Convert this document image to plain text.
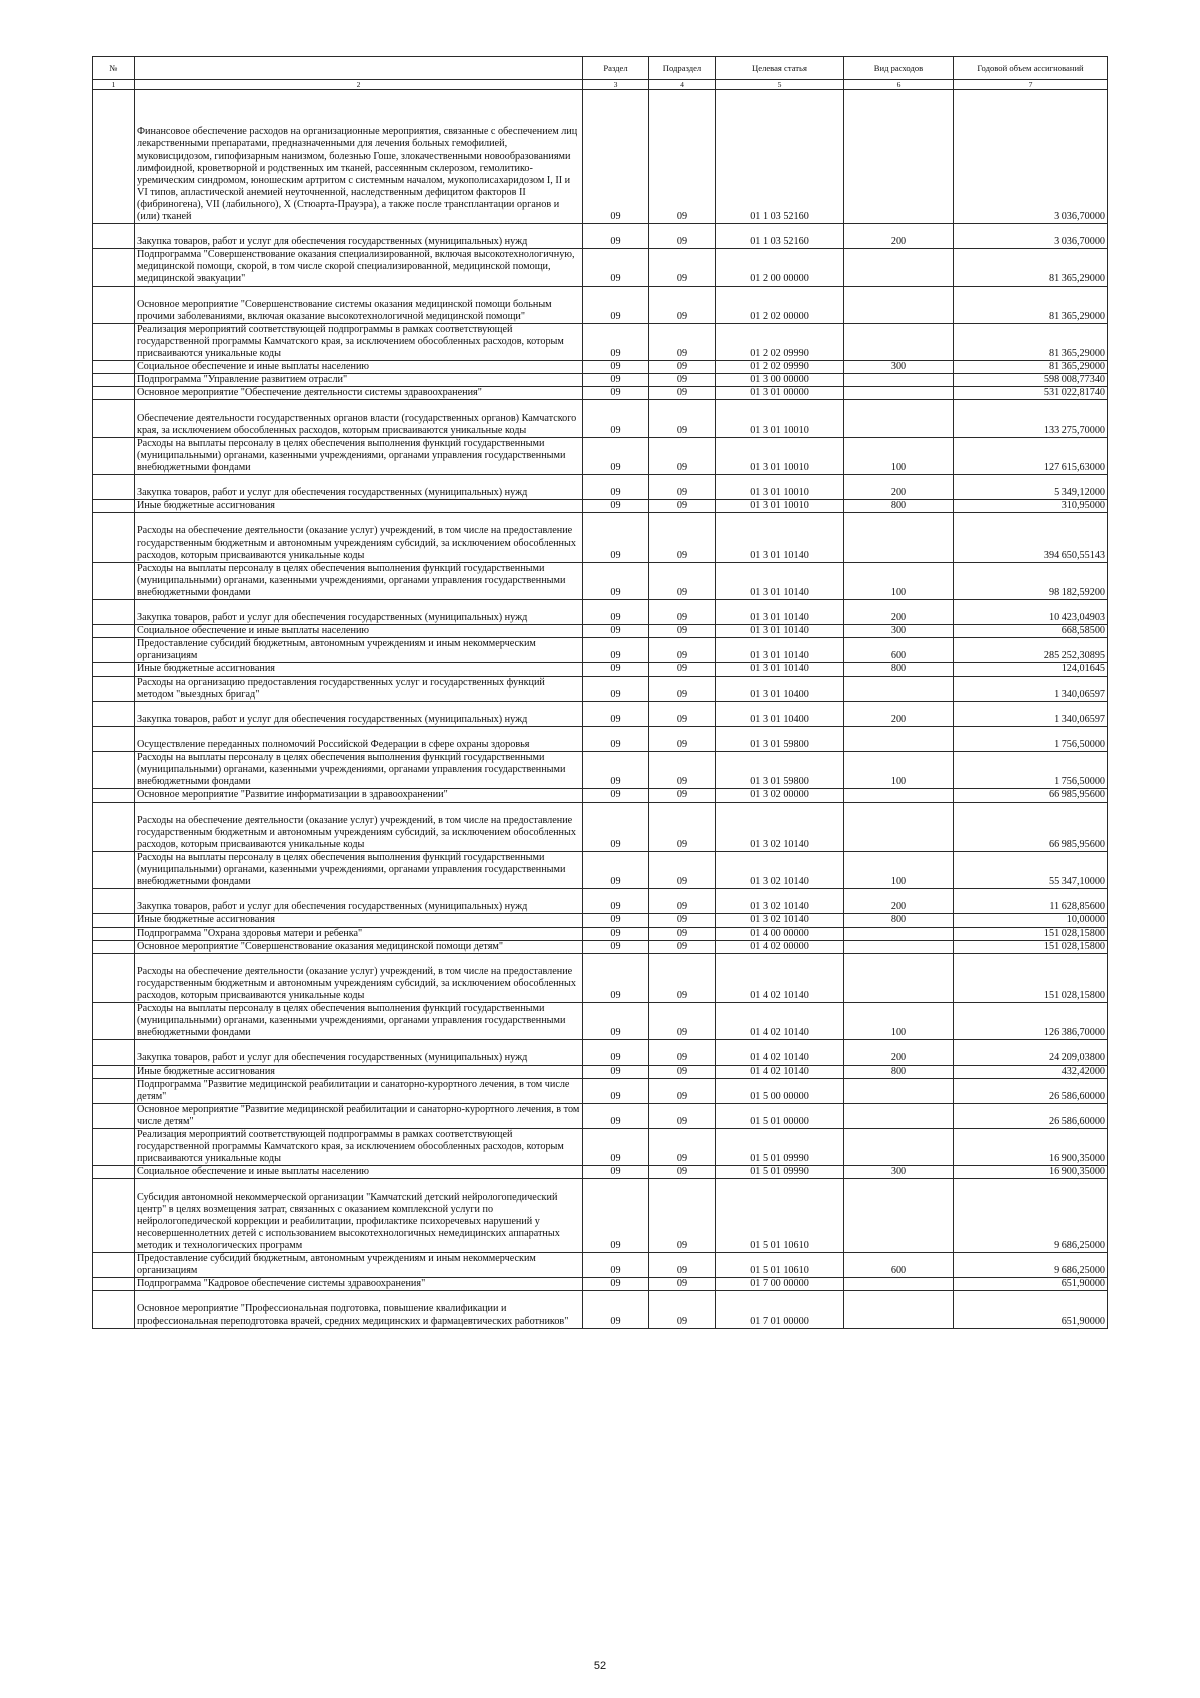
№		Раздел	Подраздел	Целевая статья	Вид расходов	Годовой объем ассигнований
1	2	3	4	5	6	7
	Финансовое обеспечение расходов на организационные мероприятия, связанные с обеспечением лиц лекарственными препаратами, предназначенными для лечения больных гемофилией, муковисцидозом, гипофизарным нанизмом, болезнью Гоше, злокачественными новообразованиями лимфоидной, кроветворной и родственных им тканей, рассеянным склерозом, гемолитико-уремическим синдромом, юношеским артритом с системным началом, мукополисахаридозом I, II и VI типов, апластической анемией неуточненной, наследственным дефицитом факторов II (фибриногена), VII (лабильного), X (Стюарта-Прауэра), а также после трансплантации органов и (или) тканей	09	09	01 1 03 52160		3 036,70000
	Закупка товаров, работ и услуг для обеспечения государственных (муниципальных) нужд	09	09	01 1 03 52160	200	3 036,70000
	Подпрограмма "Совершенствование оказания специализированной, включая высокотехнологичную, медицинской помощи, скорой, в том числе скорой специализированной, медицинской помощи, медицинской эвакуации"	09	09	01 2 00 00000		81 365,29000
	Основное мероприятие "Совершенствование системы оказания медицинской помощи больным прочими заболеваниями, включая оказание высокотехнологичной медицинской помощи"	09	09	01 2 02 00000		81 365,29000
	Реализация мероприятий соответствующей подпрограммы в рамках соответствующей государственной программы Камчатского края, за исключением обособленных расходов, которым присваиваются уникальные коды	09	09	01 2 02 09990		81 365,29000
	Социальное обеспечение и иные выплаты населению	09	09	01 2 02 09990	300	81 365,29000
	Подпрограмма "Управление развитием отрасли"	09	09	01 3 00 00000		598 008,77340
	Основное мероприятие "Обеспечение деятельности системы здравоохранения"	09	09	01 3 01 00000		531 022,81740
	Обеспечение деятельности государственных органов власти (государственных органов) Камчатского края, за исключением обособленных расходов, которым присваиваются уникальные коды	09	09	01 3 01 10010		133 275,70000
	Расходы на выплаты персоналу в целях обеспечения выполнения функций государственными (муниципальными) органами, казенными учреждениями, органами управления государственными внебюджетными фондами	09	09	01 3 01 10010	100	127 615,63000
	Закупка товаров, работ и услуг для обеспечения государственных (муниципальных) нужд	09	09	01 3 01 10010	200	5 349,12000
	Иные бюджетные ассигнования	09	09	01 3 01 10010	800	310,95000
	Расходы на обеспечение деятельности (оказание услуг) учреждений, в том числе на предоставление государственным бюджетным и автономным учреждениям субсидий, за исключением обособленных расходов, которым присваиваются уникальные коды	09	09	01 3 01 10140		394 650,55143
	Расходы на выплаты персоналу в целях обеспечения выполнения функций государственными (муниципальными) органами, казенными учреждениями, органами управления государственными внебюджетными фондами	09	09	01 3 01 10140	100	98 182,59200
	Закупка товаров, работ и услуг для обеспечения государственных (муниципальных) нужд	09	09	01 3 01 10140	200	10 423,04903
	Социальное обеспечение и иные выплаты населению	09	09	01 3 01 10140	300	668,58500
	Предоставление субсидий бюджетным, автономным учреждениям и иным некоммерческим организациям	09	09	01 3 01 10140	600	285 252,30895
	Иные бюджетные ассигнования	09	09	01 3 01 10140	800	124,01645
	Расходы на организацию предоставления государственных услуг и государственных функций методом "выездных бригад"	09	09	01 3 01 10400		1 340,06597
	Закупка товаров, работ и услуг для обеспечения государственных (муниципальных) нужд	09	09	01 3 01 10400	200	1 340,06597
	Осуществление переданных полномочий Российской Федерации в сфере охраны здоровья	09	09	01 3 01 59800		1 756,50000
	Расходы на выплаты персоналу в целях обеспечения выполнения функций государственными (муниципальными) органами, казенными учреждениями, органами управления государственными внебюджетными фондами	09	09	01 3 01 59800	100	1 756,50000
	Основное мероприятие "Развитие информатизации в здравоохранении"	09	09	01 3 02 00000		66 985,95600
	Расходы на обеспечение деятельности (оказание услуг) учреждений, в том числе на предоставление государственным бюджетным и автономным учреждениям субсидий, за исключением обособленных расходов, которым присваиваются уникальные коды	09	09	01 3 02 10140		66 985,95600
	Расходы на выплаты персоналу в целях обеспечения выполнения функций государственными (муниципальными) органами, казенными учреждениями, органами управления государственными внебюджетными фондами	09	09	01 3 02 10140	100	55 347,10000
	Закупка товаров, работ и услуг для обеспечения государственных (муниципальных) нужд	09	09	01 3 02 10140	200	11 628,85600
	Иные бюджетные ассигнования	09	09	01 3 02 10140	800	10,00000
	Подпрограмма "Охрана здоровья матери и ребенка"	09	09	01 4 00 00000		151 028,15800
	Основное мероприятие "Совершенствование оказания медицинской помощи детям"	09	09	01 4 02 00000		151 028,15800
	Расходы на обеспечение деятельности (оказание услуг) учреждений, в том числе на предоставление государственным бюджетным и автономным учреждениям субсидий, за исключением обособленных расходов, которым присваиваются уникальные коды	09	09	01 4 02 10140		151 028,15800
	Расходы на выплаты персоналу в целях обеспечения выполнения функций государственными (муниципальными) органами, казенными учреждениями, органами управления государственными внебюджетными фондами	09	09	01 4 02 10140	100	126 386,70000
	Закупка товаров, работ и услуг для обеспечения государственных (муниципальных) нужд	09	09	01 4 02 10140	200	24 209,03800
	Иные бюджетные ассигнования	09	09	01 4 02 10140	800	432,42000
	Подпрограмма "Развитие медицинской реабилитации и санаторно-курортного лечения, в том числе детям"	09	09	01 5 00 00000		26 586,60000
	Основное мероприятие "Развитие медицинской реабилитации и санаторно-курортного лечения, в том числе детям"	09	09	01 5 01 00000		26 586,60000
	Реализация мероприятий соответствующей подпрограммы в рамках соответствующей государственной программы Камчатского края, за исключением обособленных расходов, которым присваиваются уникальные коды	09	09	01 5 01 09990		16 900,35000
	Социальное обеспечение и иные выплаты населению	09	09	01 5 01 09990	300	16 900,35000
	Субсидия автономной некоммерческой организации "Камчатский детский нейрологопедический центр" в целях возмещения затрат, связанных с оказанием комплексной услуги по нейрологопедической коррекции и реабилитации, профилактике психоречевых нарушений у несовершеннолетних детей с использованием высокотехнологичных немедицинских аппаратных методик и технологических программ	09	09	01 5 01 10610		9 686,25000
	Предоставление субсидий бюджетным, автономным учреждениям и иным некоммерческим организациям	09	09	01 5 01 10610	600	9 686,25000
	Подпрограмма "Кадровое обеспечение системы здравоохранения"	09	09	01 7 00 00000		651,90000
	Основное мероприятие "Профессиональная подготовка, повышение квалификации и профессиональная переподготовка врачей, средних медицинских и фармацевтических работников"	09	09	01 7 01 00000		651,90000
52
